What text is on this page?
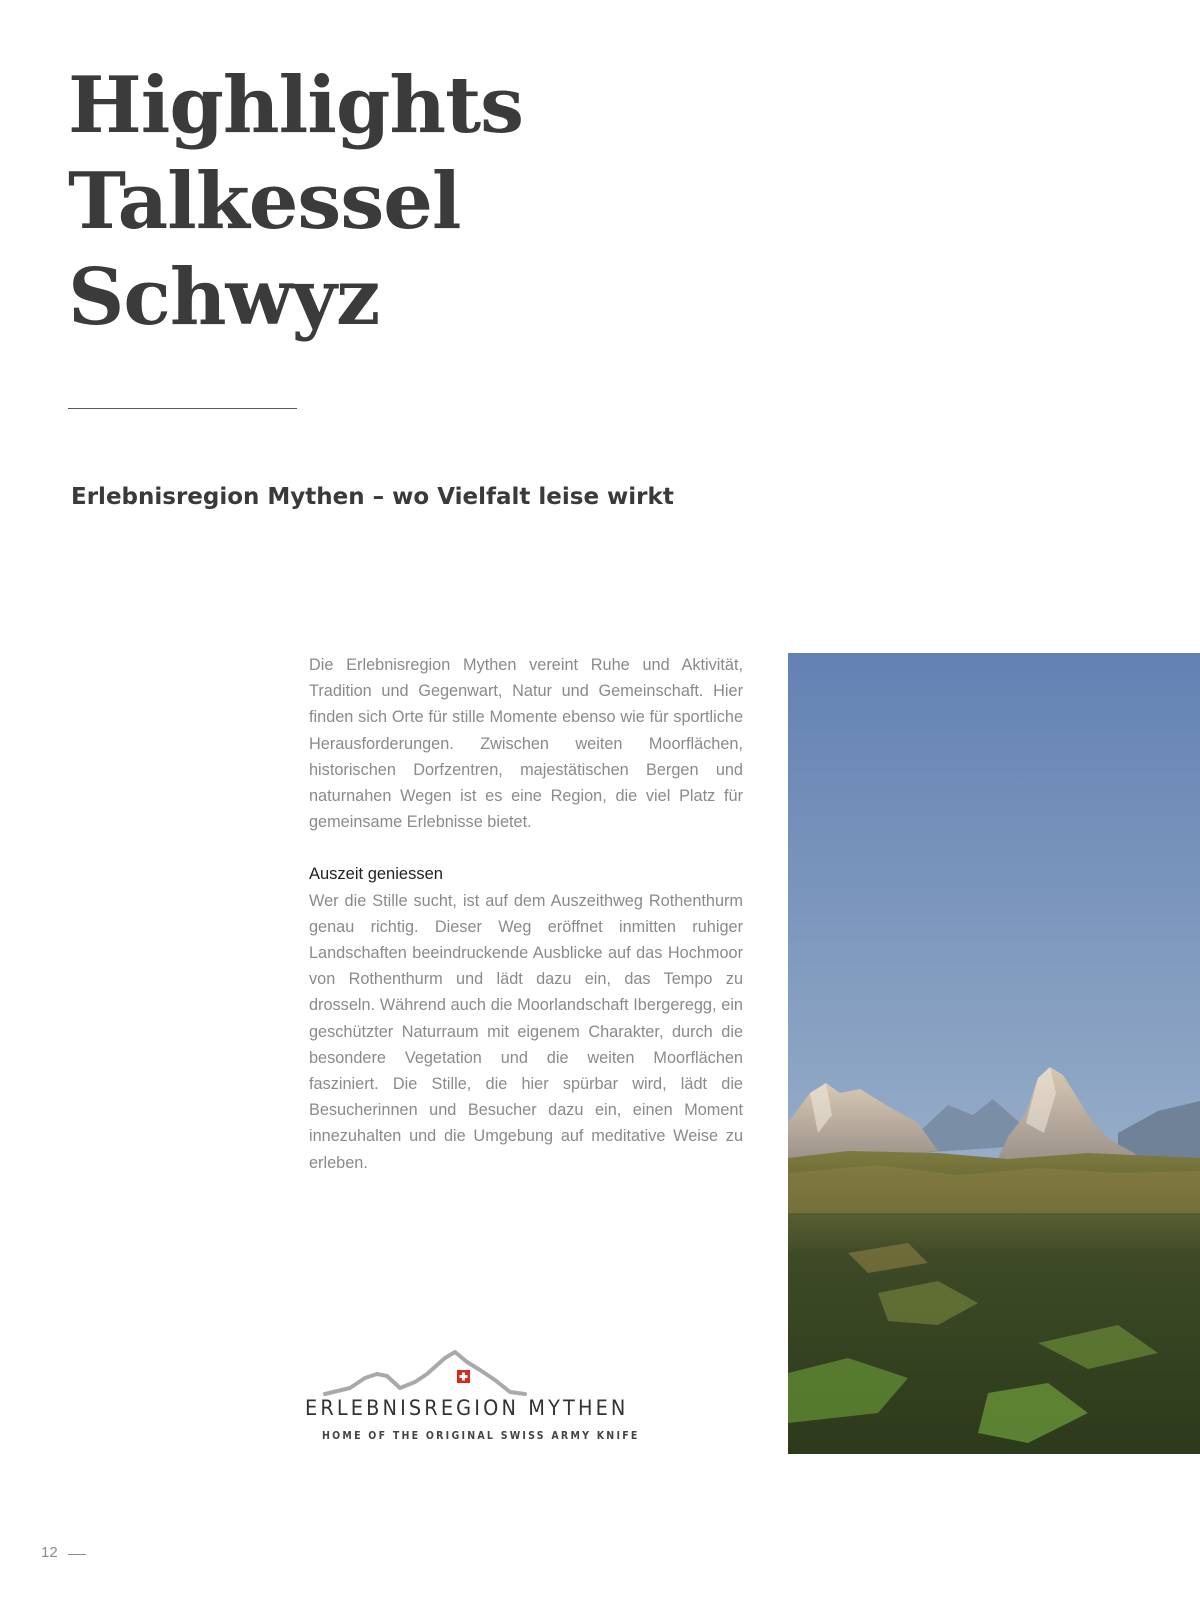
Highlights
Talkessel
Schwyz
Erlebnisregion Mythen – wo Vielfalt leise wirkt

Die Erlebnisregion Mythen vereint Ruhe und Aktivität, Tradition und Gegenwart, Natur und Gemeinschaft. Hier finden sich Orte für stille Momente ebenso wie für sportliche Herausforderungen. Zwischen weiten Moorflächen, historischen Dorfzentren, majestätischen Bergen und naturnahen Wegen ist es eine Region, die viel Platz für gemeinsame Erlebnisse bietet.

Auszeit geniessen

Wer die Stille sucht, ist auf dem Auszeithweg Rothenthurm genau richtig. Dieser Weg eröffnet inmitten ruhiger Landschaften beeindruckende Ausblicke auf das Hochmoor von Rothenthurm und lädt dazu ein, das Tempo zu drosseln. Während auch die Moorlandschaft Ibergeregg, ein geschützter Naturraum mit eigenem Charakter, durch die besondere Vegetation und die weiten Moorflächen fasziniert. Die Stille, die hier spürbar wird, lädt die Besucherinnen und Besucher dazu ein, einen Moment innezuhalten und die Umgebung auf meditative Weise zu erleben.

ERLEBNISREGION MYTHEN
HOME OF THE ORIGINAL SWISS ARMY KNIFE
12
